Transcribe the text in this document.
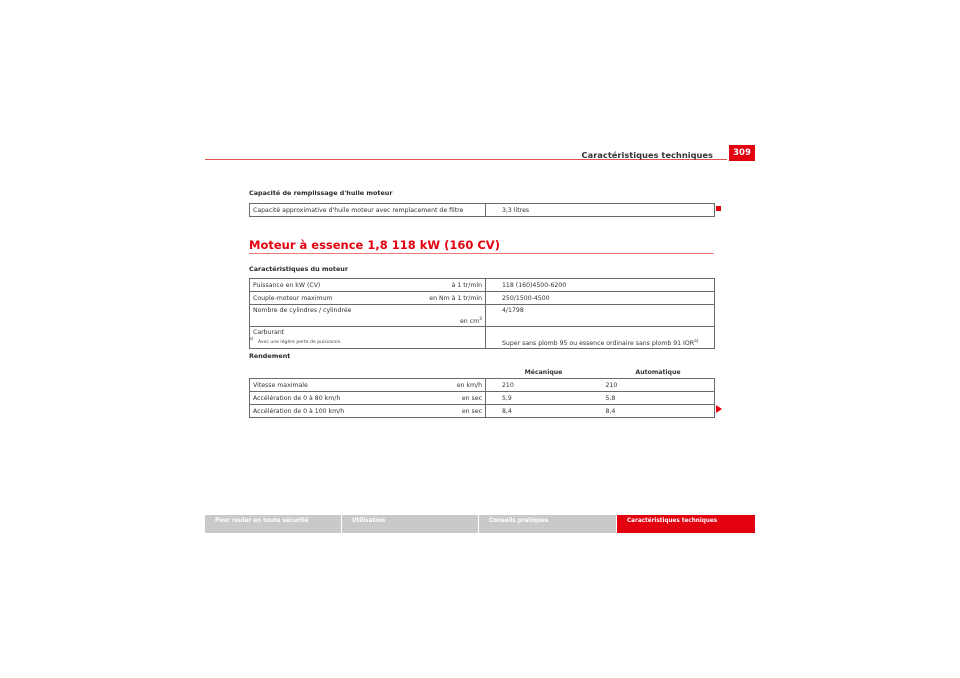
Caractéristiques techniques	309
Capacité de remplissage d'huile moteur
Capacité approximative d'huile moteur avec remplacement de filtre	3,3 litres
Moteur à essence 1,8 118 kW (160 CV)
Caractéristiques du moteur
Puissance en kW (CV)	à 1 tr/min	118 (160)4500-6200
Couple-moteur maximum	en Nm à 1 tr/min	250/1500-4500
Nombre de cylindres / cylindrée	en $cm^3$	4/1798
Carburant		Super sans plomb 95 ou essence ordinaire sans plomb 91 IOR$^{a)}$
$^{a)}$   Avec une légère perte de puissance.
Rendement
		Mécanique	Automatique
Vitesse maximale	en km/h	210	210
Accélération de 0 à 80 km/h	en sec	5,9	5,8
Accélération de 0 à 100 km/h	en sec	8,4	8,4
Pour rouler en toute sécurité	Utilisation	Conseils pratiques	Caractéristiques techniques
